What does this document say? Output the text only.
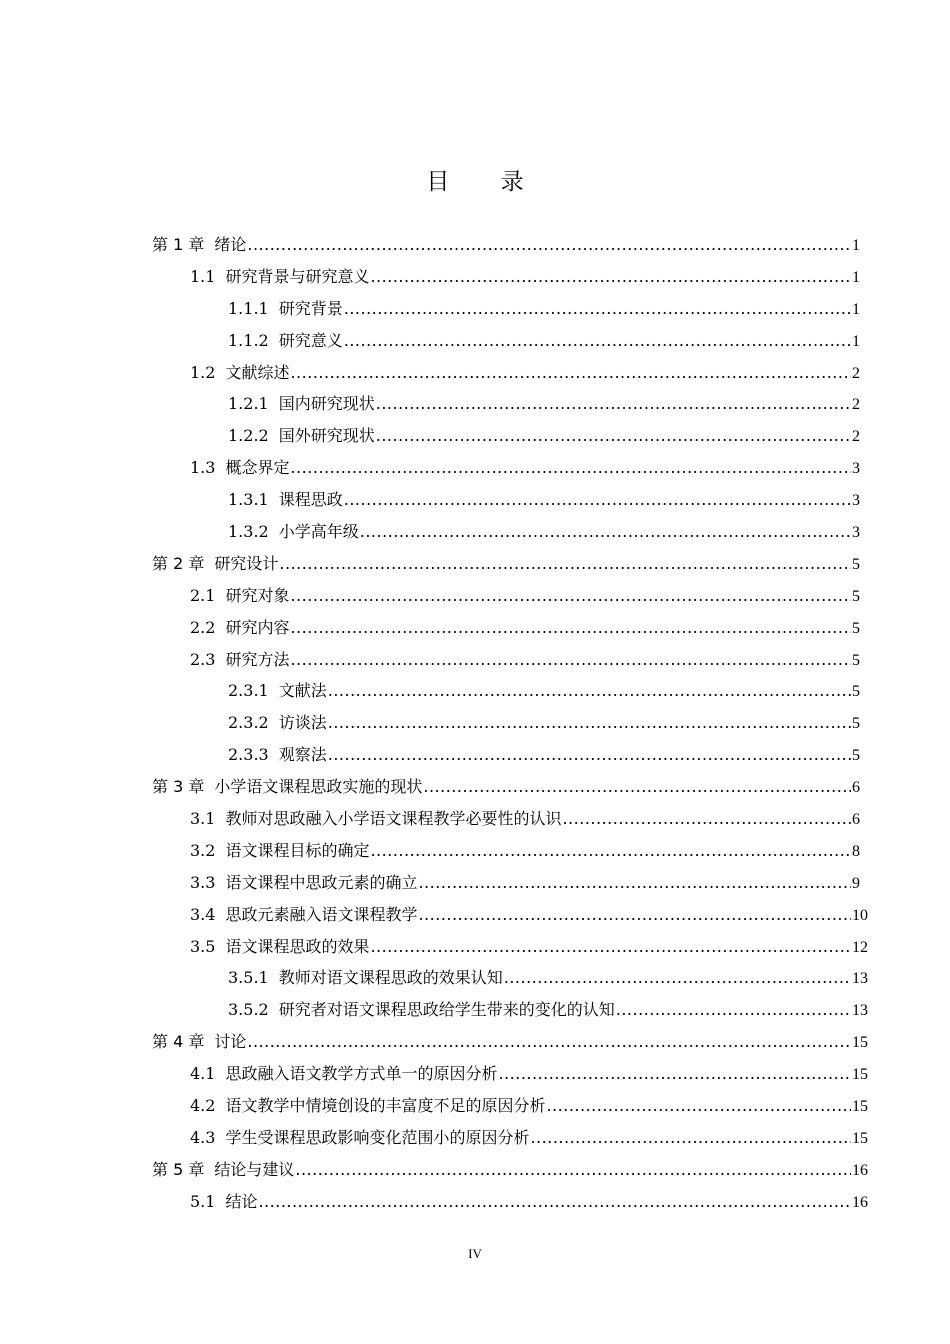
目 录
第 1 章 绪论 .....	1
1.1 研究背景与研究意义 .....	1
1.1.1 研究背景 .....	1
1.1.2 研究意义 .....	1
1.2 文献综述 .....	2
1.2.1 国内研究现状 .....	2
1.2.2 国外研究现状 .....	2
1.3 概念界定 .....	3
1.3.1 课程思政 .....	3
1.3.2 小学高年级 .....	3
第 2 章 研究设计 .....	5
2.1 研究对象 .....	5
2.2 研究内容 .....	5
2.3 研究方法 .....	5
2.3.1 文献法 .....	5
2.3.2 访谈法 .....	5
2.3.3 观察法 .....	5
第 3 章 小学语文课程思政实施的现状 .....	6
3.1 教师对思政融入小学语文课程教学必要性的认识 .....	6
3.2 语文课程目标的确定 .....	8
3.3 语文课程中思政元素的确立 .....	9
3.4 思政元素融入语文课程教学 .....	10
3.5 语文课程思政的效果 .....	12
3.5.1 教师对语文课程思政的效果认知 .....	13
3.5.2 研究者对语文课程思政给学生带来的变化的认知 .....	13
第 4 章 讨论 .....	15
4.1 思政融入语文教学方式单一的原因分析 .....	15
4.2 语文教学中情境创设的丰富度不足的原因分析 .....	15
4.3 学生受课程思政影响变化范围小的原因分析 .....	15
第 5 章 结论与建议 .....	16
5.1 结论 .....	16
IV
